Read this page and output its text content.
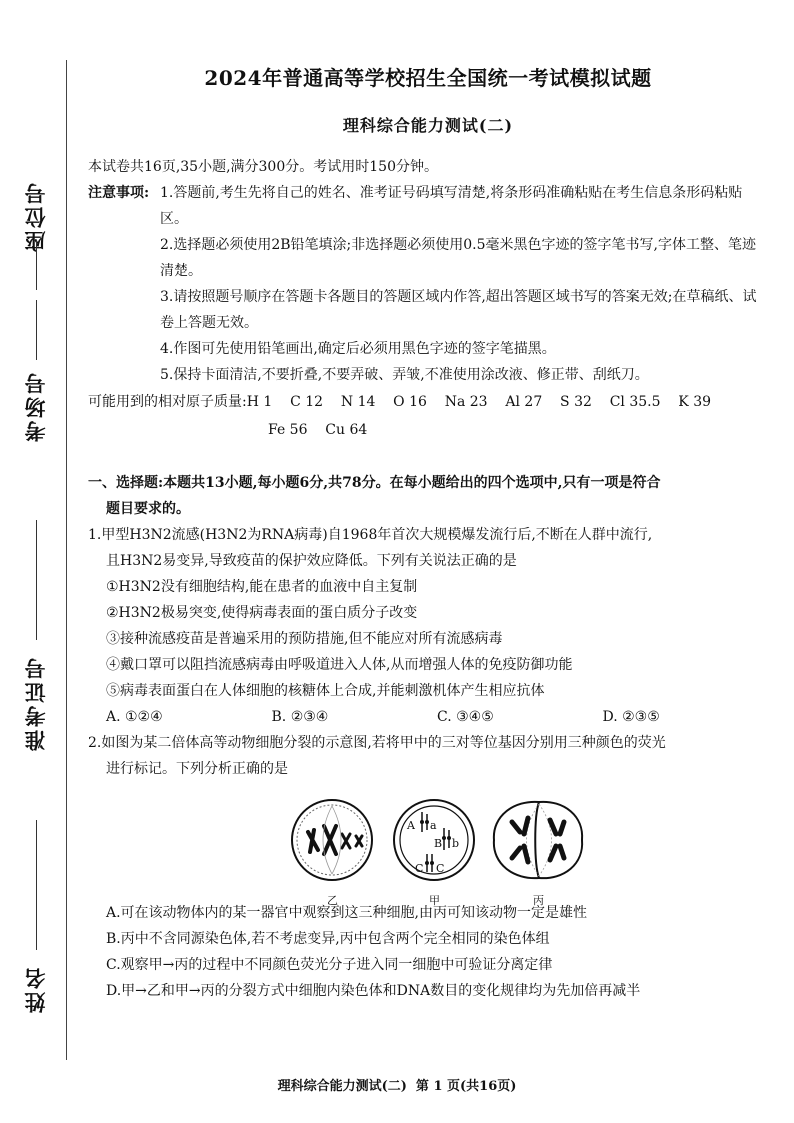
座位号
考场号
准考证号
姓名
2024年普通高等学校招生全国统一考试模拟试题
理科综合能力测试(二)
本试卷共16页,35小题,满分300分。考试用时150分钟。
注意事项: 1.答题前,考生先将自己的姓名、准考证号码填写清楚,将条形码准确粘贴在考生信息条形码粘贴区。
2.选择题必须使用2B铅笔填涂;非选择题必须使用0.5毫米黑色字迹的签字笔书写,字体工整、笔迹清楚。
3.请按照题号顺序在答题卡各题目的答题区域内作答,超出答题区域书写的答案无效;在草稿纸、试卷上答题无效。
4.作图可先使用铅笔画出,确定后必须用黑色字迹的签字笔描黑。
5.保持卡面清洁,不要折叠,不要弄破、弄皱,不准使用涂改液、修正带、刮纸刀。
可能用到的相对原子质量:H 1    C 12    N 14    O 16    Na 23    Al 27    S 32    Cl 35.5    K 39
Fe 56    Cu 64
一、选择题:本题共13小题,每小题6分,共78分。在每小题给出的四个选项中,只有一项是符合
题目要求的。
1.甲型H3N2流感(H3N2为RNA病毒)自1968年首次大规模爆发流行后,不断在人群中流行,
且H3N2易变异,导致疫苗的保护效应降低。下列有关说法正确的是
①H3N2没有细胞结构,能在患者的血液中自主复制
②H3N2极易突变,使得病毒表面的蛋白质分子改变
③接种流感疫苗是普遍采用的预防措施,但不能应对所有流感病毒
④戴口罩可以阻挡流感病毒由呼吸道进入人体,从而增强人体的免疫防御功能
⑤病毒表面蛋白在人体细胞的核糖体上合成,并能刺激机体产生相应抗体
A. ①②④	B. ②③④	C. ③④⑤	D. ②③⑤
2.如图为某二倍体高等动物细胞分裂的示意图,若将甲中的三对等位基因分别用三种颜色的荧光
进行标记。下列分析正确的是
A a
B b
C C
乙	甲	丙
A.可在该动物体内的某一器官中观察到这三种细胞,由丙可知该动物一定是雄性
B.丙中不含同源染色体,若不考虑变异,丙中包含两个完全相同的染色体组
C.观察甲→丙的过程中不同颜色荧光分子进入同一细胞中可验证分离定律
D.甲→乙和甲→丙的分裂方式中细胞内染色体和DNA数目的变化规律均为先加倍再减半
理科综合能力测试(二)  第 1 页(共16页)
